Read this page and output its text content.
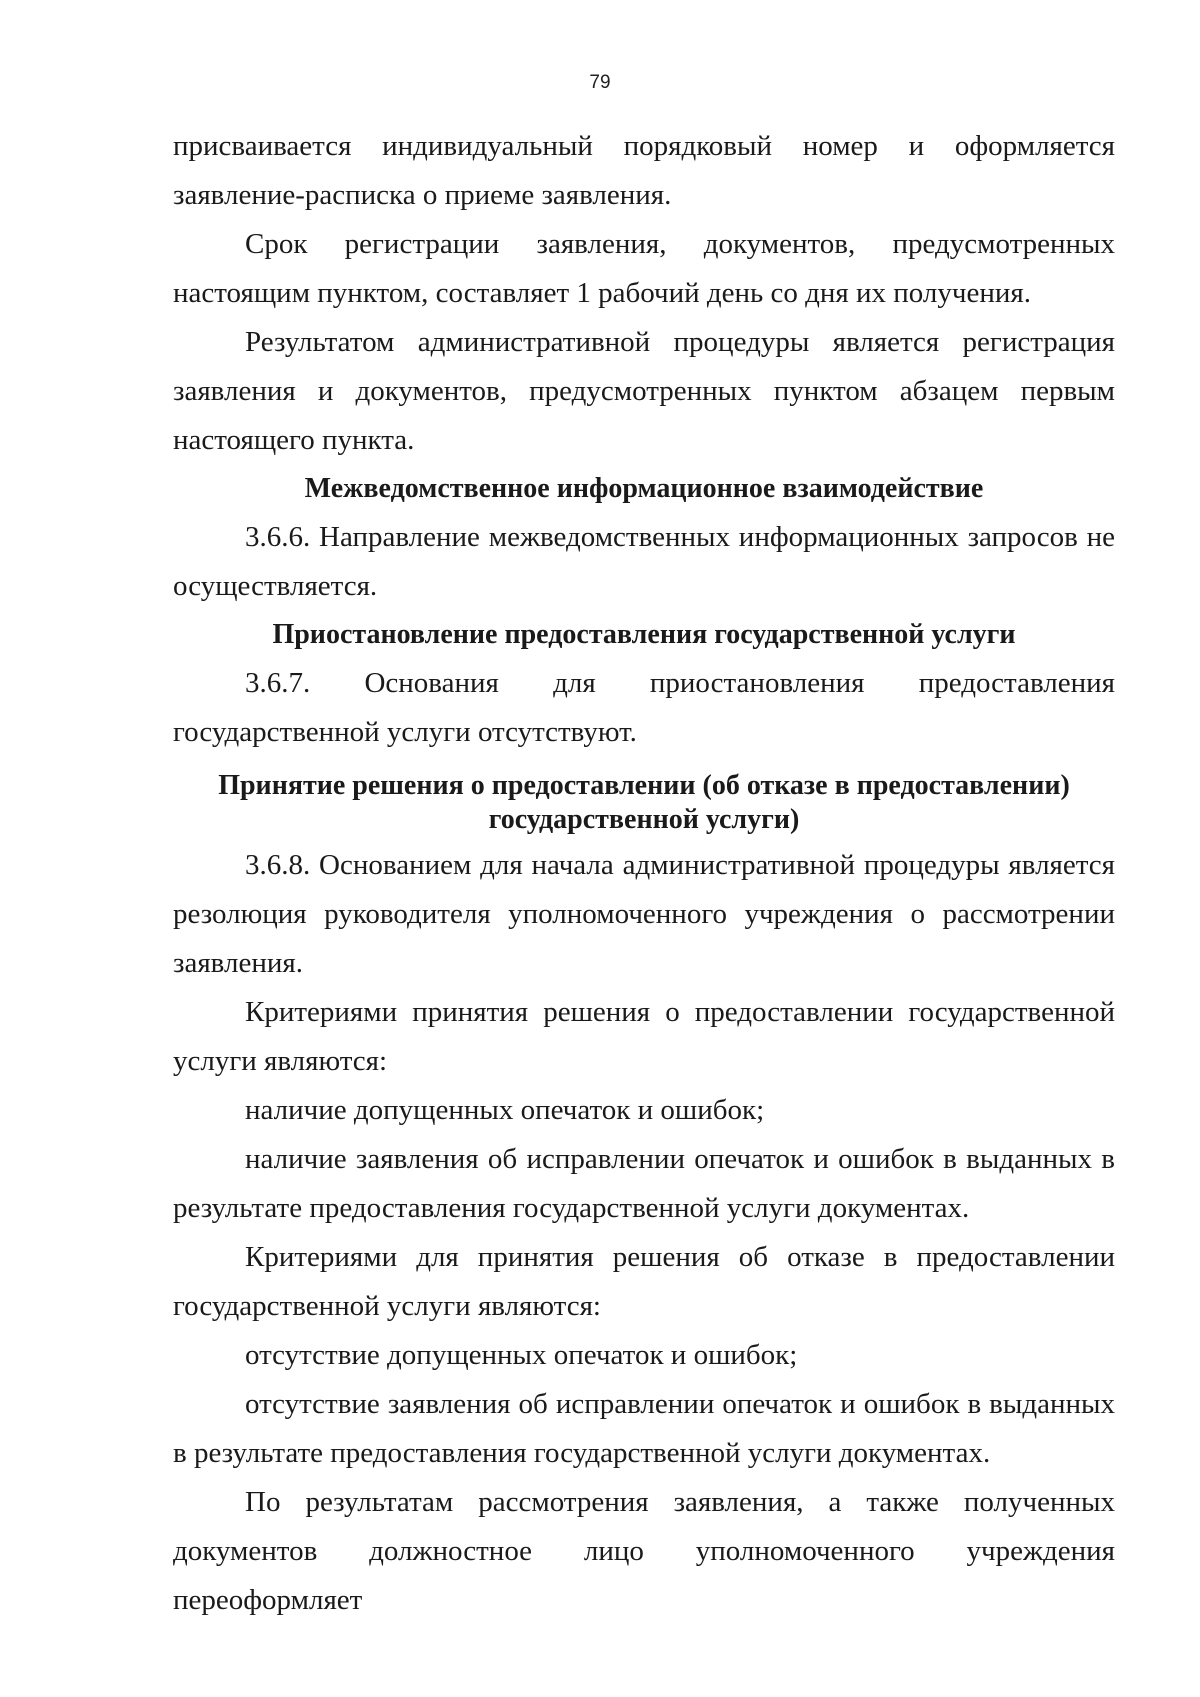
79

присваивается индивидуальный порядковый номер и оформляется заявление-расписка о приеме заявления.

Срок регистрации заявления, документов, предусмотренных настоящим пунктом, составляет 1 рабочий день со дня их получения.

Результатом административной процедуры является регистрация заявления и документов, предусмотренных пунктом абзацем первым настоящего пункта.

Межведомственное информационное взаимодействие

3.6.6. Направление межведомственных информационных запросов не осуществляется.

Приостановление предоставления государственной услуги

3.6.7. Основания для приостановления предоставления государственной услуги отсутствуют.

Принятие решения о предоставлении (об отказе в предоставлении)
государственной услуги)

3.6.8. Основанием для начала административной процедуры является резолюция руководителя уполномоченного учреждения о рассмотрении заявления.

Критериями принятия решения о предоставлении государственной услуги являются:

наличие допущенных опечаток и ошибок;

наличие заявления об исправлении опечаток и ошибок в выданных в результате предоставления государственной услуги документах.

Критериями для принятия решения об отказе в предоставлении государственной услуги являются:

отсутствие допущенных опечаток и ошибок;

отсутствие заявления об исправлении опечаток и ошибок в выданных в результате предоставления государственной услуги документах.

По результатам рассмотрения заявления, а также полученных документов должностное лицо уполномоченного учреждения переоформляет
